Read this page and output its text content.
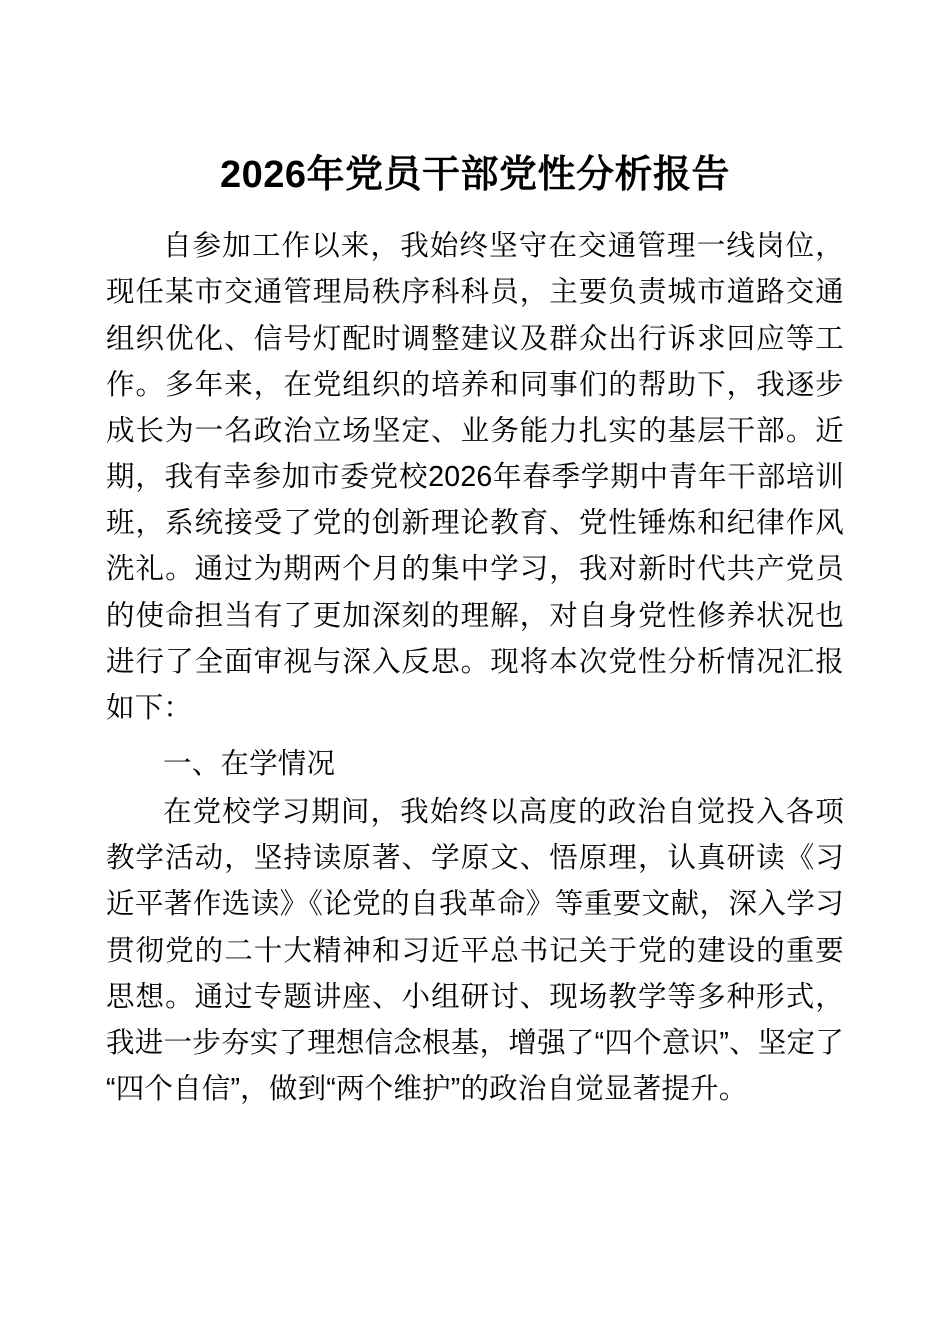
2026年党员干部党性分析报告

自参加工作以来，我始终坚守在交通管理一线岗位，现任某市交通管理局秩序科科员，主要负责城市道路交通组织优化、信号灯配时调整建议及群众出行诉求回应等工作。多年来，在党组织的培养和同事们的帮助下，我逐步成长为一名政治立场坚定、业务能力扎实的基层干部。近期，我有幸参加市委党校2026年春季学期中青年干部培训班，系统接受了党的创新理论教育、党性锤炼和纪律作风洗礼。通过为期两个月的集中学习，我对新时代共产党员的使命担当有了更加深刻的理解，对自身党性修养状况也进行了全面审视与深入反思。现将本次党性分析情况汇报如下：

一、在学情况

在党校学习期间，我始终以高度的政治自觉投入各项教学活动，坚持读原著、学原文、悟原理，认真研读《习近平著作选读》《论党的自我革命》等重要文献，深入学习贯彻党的二十大精神和习近平总书记关于党的建设的重要思想。通过专题讲座、小组研讨、现场教学等多种形式，我进一步夯实了理想信念根基，增强了“四个意识”、坚定了“四个自信”，做到“两个维护”的政治自觉显著提升。
